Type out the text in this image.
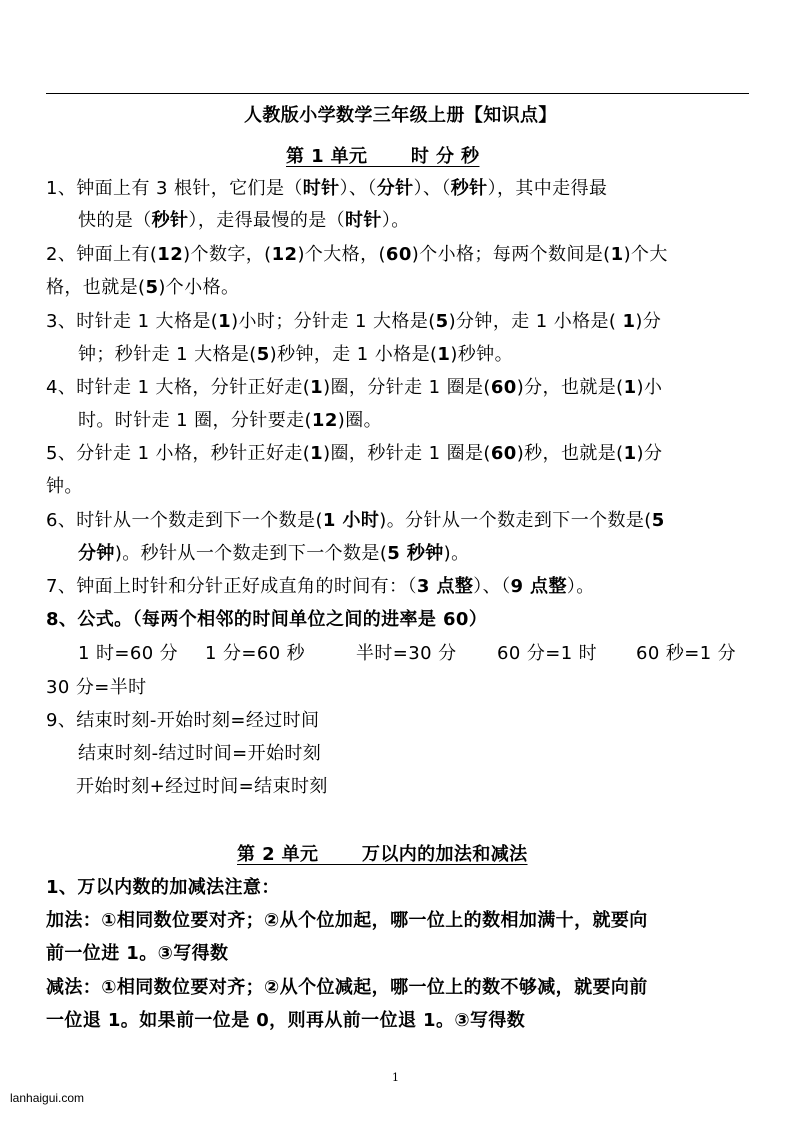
人教版小学数学三年级上册【知识点】
第 1 单元　　 时 分 秒
1、钟面上有 3 根针，它们是（时针）、（分针）、（秒针），其中走得最
快的是（秒针），走得最慢的是（时针）。
2、钟面上有(12)个数字，(12)个大格，(60)个小格；每两个数间是(1)个大
格，也就是(5)个小格。
3、时针走 1 大格是(1)小时；分针走 1 大格是(5)分钟，走 1 小格是( 1)分
钟；秒针走 1 大格是(5)秒钟，走 1 小格是(1)秒钟。
4、时针走 1 大格，分针正好走(1)圈，分针走 1 圈是(60)分，也就是(1)小
时。时针走 1 圈，分针要走(12)圈。
5、分针走 1 小格，秒针正好走(1)圈，秒针走 1 圈是(60)秒，也就是(1)分
钟。
6、时针从一个数走到下一个数是(1 小时)。分针从一个数走到下一个数是(5
分钟)。秒针从一个数走到下一个数是(5 秒钟)。
7、钟面上时针和分针正好成直角的时间有：（3 点整）、（9 点整）。
8、公式。（每两个相邻的时间单位之间的进率是 60）
1 时=60 分 1 分=60 秒	半时=30 分 60 分=1 时 60 秒=1 分
30 分=半时
9、结束时刻-开始时刻=经过时间
结束时刻-结过时间=开始时刻
开始时刻+经过时间=结束时刻
第 2 单元　　 万以内的加法和减法
1、万以内数的加减法注意：
加法：①相同数位要对齐；②从个位加起，哪一位上的数相加满十，就要向
前一位进 1。③写得数
减法：①相同数位要对齐；②从个位减起，哪一位上的数不够减，就要向前
一位退 1。如果前一位是 0，则再从前一位退 1。③写得数
1
lanhaigui.com
